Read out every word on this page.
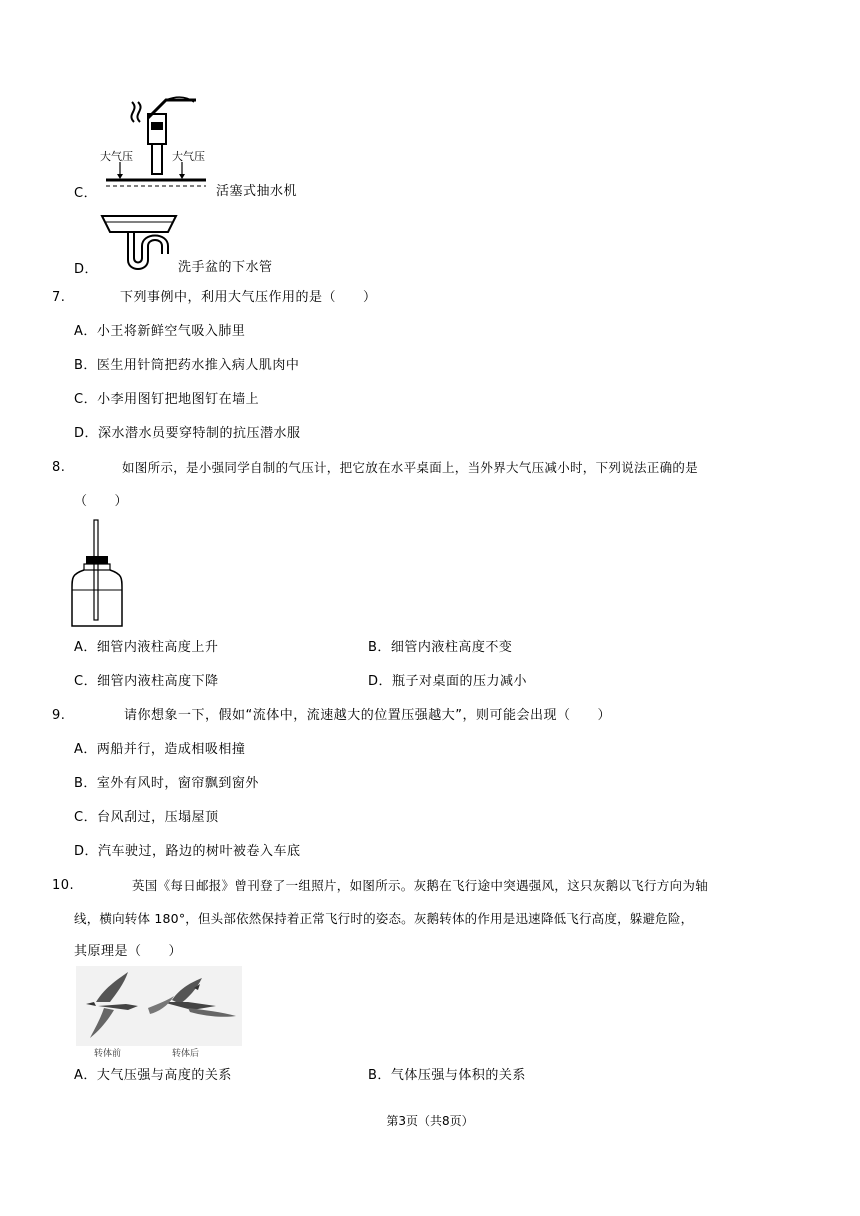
大气压	大气压
C．	活塞式抽水机
D．	洗手盆的下水管
7.	下列事例中，利用大气压作用的是（　　）
A．小王将新鲜空气吸入肺里
B．医生用针筒把药水推入病人肌肉中
C．小李用图钉把地图钉在墙上
D．深水潜水员要穿特制的抗压潜水服
8.	如图所示，是小强同学自制的气压计，把它放在水平桌面上，当外界大气压减小时，下列说法正确的是
（　　）
A．细管内液柱高度上升	B．细管内液柱高度不变
C．细管内液柱高度下降	D．瓶子对桌面的压力减小
9.	请你想象一下，假如“流体中，流速越大的位置压强越大”，则可能会出现（　　）
A．两船并行，造成相吸相撞
B．室外有风时，窗帘飘到窗外
C．台风刮过，压塌屋顶
D．汽车驶过，路边的树叶被卷入车底
10.	英国《每日邮报》曾刊登了一组照片，如图所示。灰鹅在飞行途中突遇强风，这只灰鹅以飞行方向为轴
线，横向转体 180°，但头部依然保持着正常飞行时的姿态。灰鹅转体的作用是迅速降低飞行高度，躲避危险，
其原理是（　　）
转体前	转体后
A．大气压强与高度的关系	B．气体压强与体积的关系
第3页（共8页）
